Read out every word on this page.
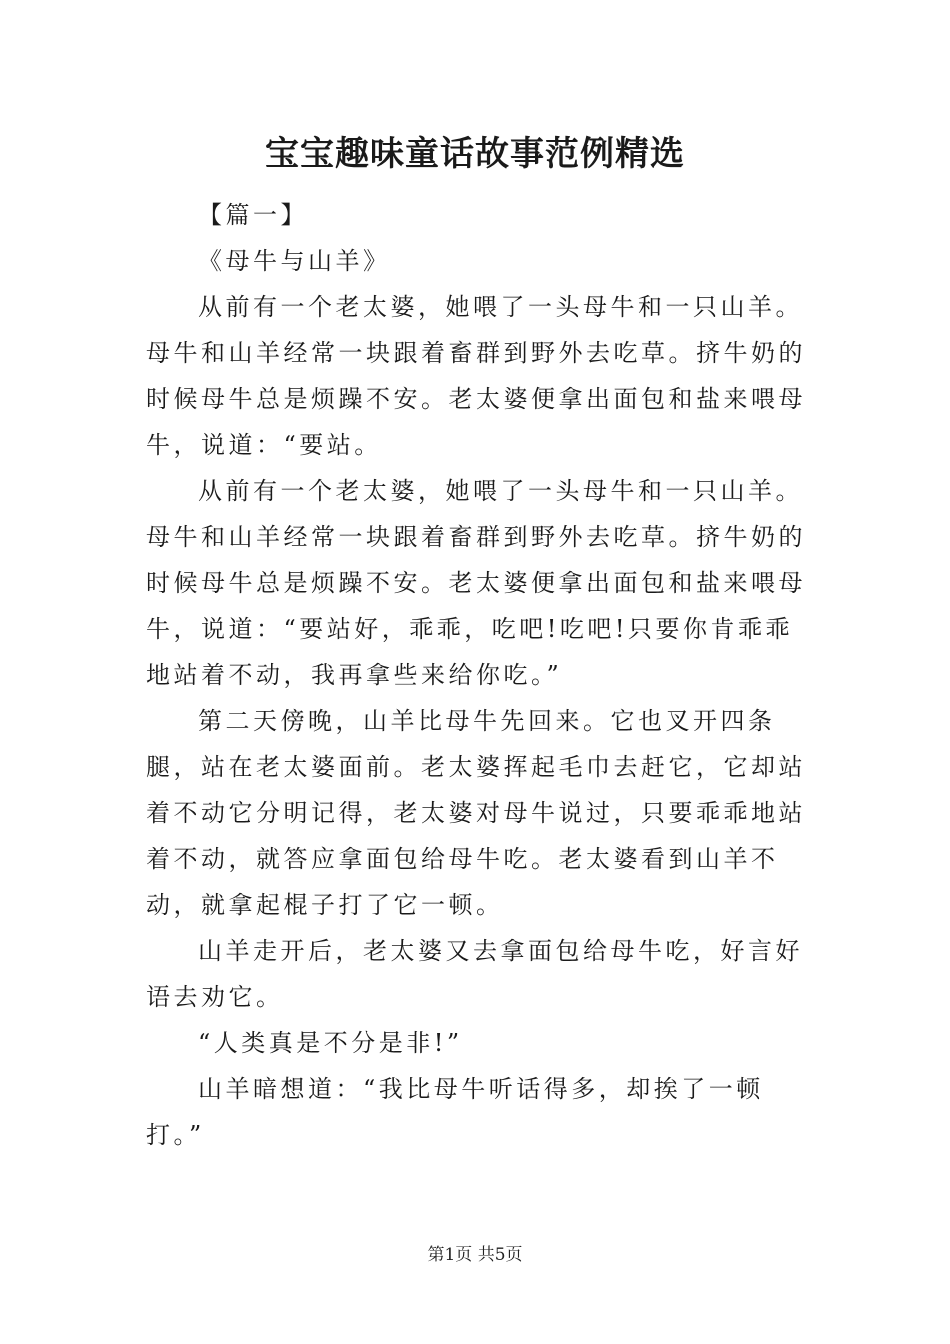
宝宝趣味童话故事范例精选

【篇一】

《母牛与山羊》

从前有一个老太婆，她喂了一头母牛和一只山羊。母牛和山羊经常一块跟着畜群到野外去吃草。挤牛奶的时候母牛总是烦躁不安。老太婆便拿出面包和盐来喂母牛，说道：“要站。

从前有一个老太婆，她喂了一头母牛和一只山羊。母牛和山羊经常一块跟着畜群到野外去吃草。挤牛奶的时候母牛总是烦躁不安。老太婆便拿出面包和盐来喂母牛，说道：“要站好，乖乖，吃吧!吃吧!只要你肯乖乖地站着不动，我再拿些来给你吃。”

第二天傍晚，山羊比母牛先回来。它也叉开四条腿，站在老太婆面前。老太婆挥起毛巾去赶它，它却站着不动它分明记得，老太婆对母牛说过，只要乖乖地站着不动，就答应拿面包给母牛吃。老太婆看到山羊不动，就拿起棍子打了它一顿。

山羊走开后，老太婆又去拿面包给母牛吃，好言好语去劝它。

“人类真是不分是非!”

山羊暗想道：“我比母牛听话得多，却挨了一顿打。”

第1页 共5页
